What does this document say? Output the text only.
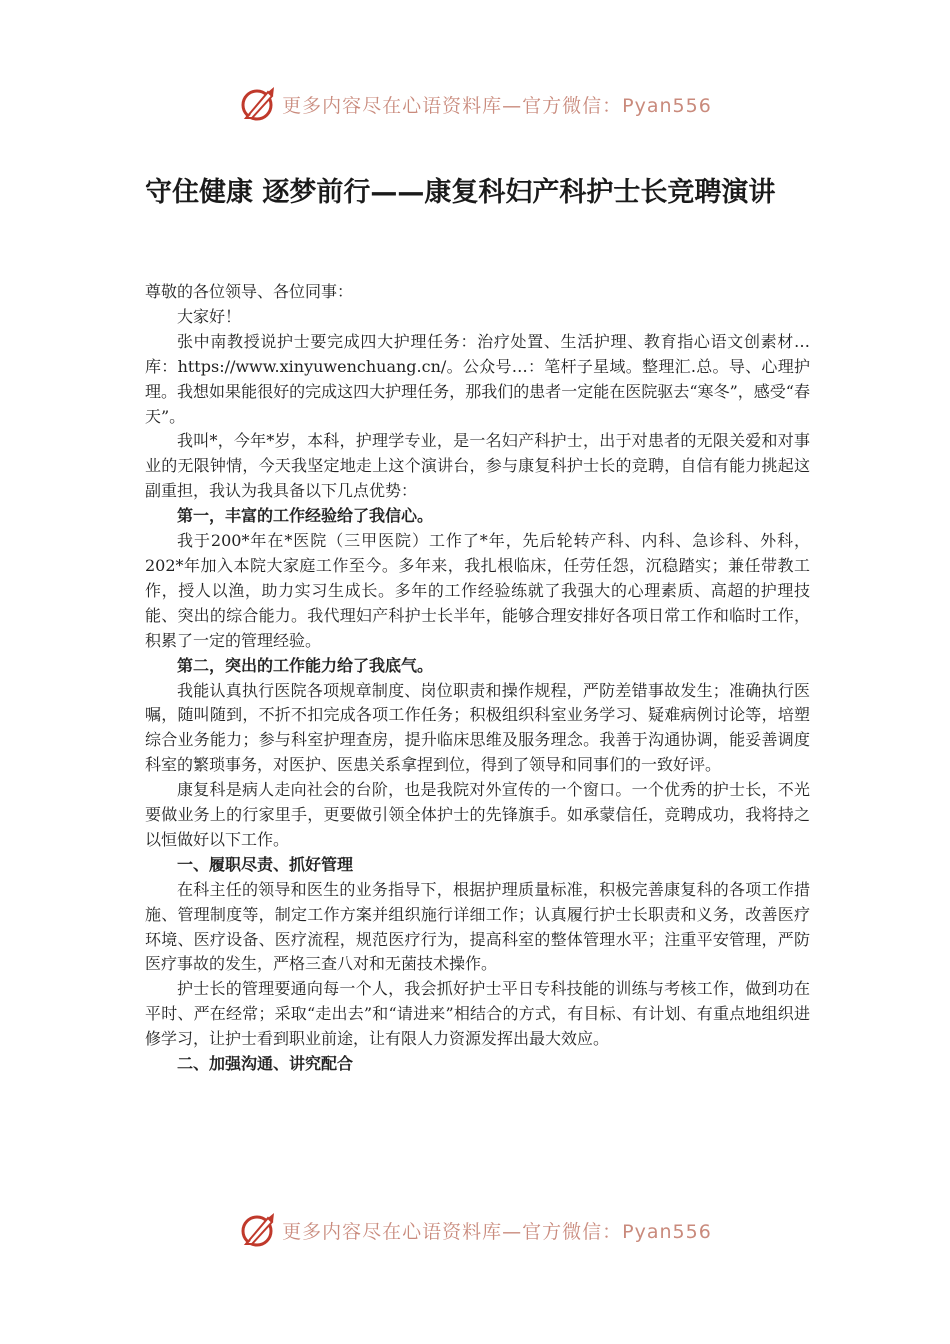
更多内容尽在心语资料库—官方微信：Pyan556
守住健康 逐梦前行——康复科妇产科护士长竞聘演讲

尊敬的各位领导、各位同事：

大家好！

张中南教授说护士要完成四大护理任务：治疗处置、生活护理、教育指心语文创素材…库：https://www.xinyuwenchuang.cn/。公众号…：笔杆子星域。整理汇.总。导、心理护理。我想如果能很好的完成这四大护理任务，那我们的患者一定能在医院驱去“寒冬”，感受“春天”。

我叫*，今年*岁，本科，护理学专业，是一名妇产科护士，出于对患者的无限关爱和对事业的无限钟情，今天我坚定地走上这个演讲台，参与康复科护士长的竞聘，自信有能力挑起这副重担，我认为我具备以下几点优势：

第一，丰富的工作经验给了我信心。

我于200*年在*医院（三甲医院）工作了*年，先后轮转产科、内科、急诊科、外科，202*年加入本院大家庭工作至今。多年来，我扎根临床，任劳任怨，沉稳踏实；兼任带教工作，授人以渔，助力实习生成长。多年的工作经验练就了我强大的心理素质、高超的护理技能、突出的综合能力。我代理妇产科护士长半年，能够合理安排好各项日常工作和临时工作，积累了一定的管理经验。

第二，突出的工作能力给了我底气。

我能认真执行医院各项规章制度、岗位职责和操作规程，严防差错事故发生；准确执行医嘱，随叫随到，不折不扣完成各项工作任务；积极组织科室业务学习、疑难病例讨论等，培塑综合业务能力；参与科室护理查房，提升临床思维及服务理念。我善于沟通协调，能妥善调度科室的繁琐事务，对医护、医患关系拿捏到位，得到了领导和同事们的一致好评。

康复科是病人走向社会的台阶，也是我院对外宣传的一个窗口。一个优秀的护士长，不光要做业务上的行家里手，更要做引领全体护士的先锋旗手。如承蒙信任，竞聘成功，我将持之以恒做好以下工作。

一、履职尽责、抓好管理

在科主任的领导和医生的业务指导下，根据护理质量标准，积极完善康复科的各项工作措施、管理制度等，制定工作方案并组织施行详细工作；认真履行护士长职责和义务，改善医疗环境、医疗设备、医疗流程，规范医疗行为，提高科室的整体管理水平；注重平安管理，严防医疗事故的发生，严格三查八对和无菌技术操作。

护士长的管理要通向每一个人，我会抓好护士平日专科技能的训练与考核工作，做到功在平时、严在经常；采取“走出去”和“请进来”相结合的方式，有目标、有计划、有重点地组织进修学习，让护士看到职业前途，让有限人力资源发挥出最大效应。

二、加强沟通、讲究配合

更多内容尽在心语资料库—官方微信：Pyan556
